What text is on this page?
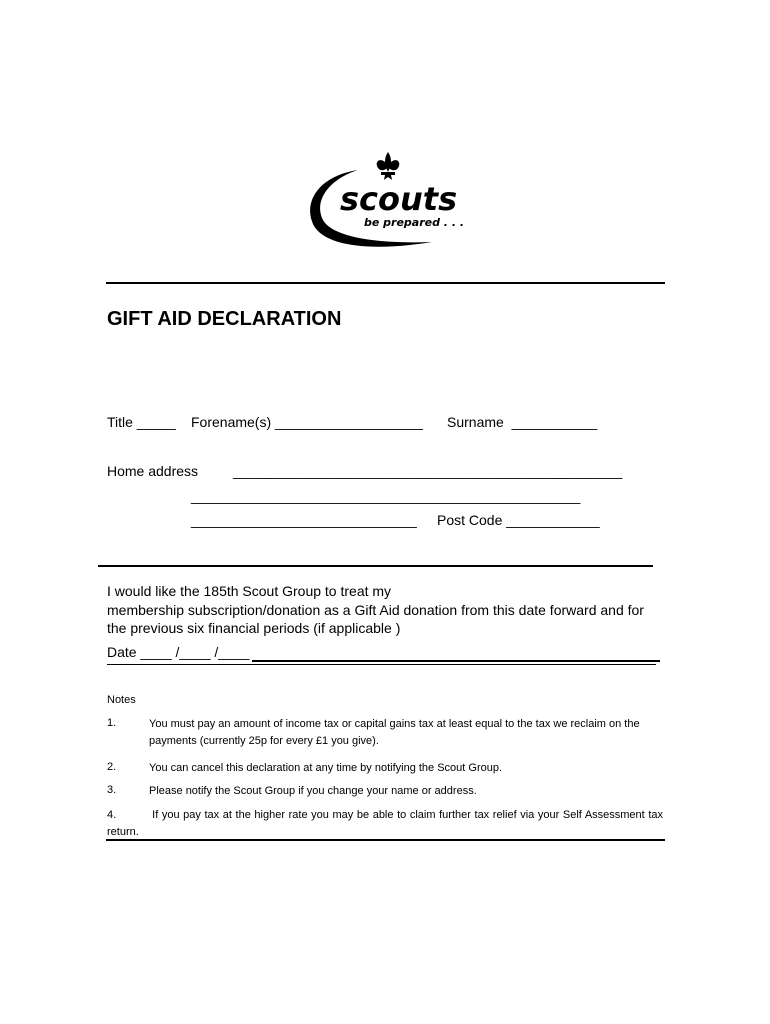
scouts
be prepared . . .
GIFT AID DECLARATION
Title _____ Forename(s) ___________________ Surname  ___________
Home address __________________________________________________
__________________________________________________
_____________________________ Post Code ____________
I would like the 185th Scout Group to treat my
membership subscription/donation as a Gift Aid donation from this date forward and for
the previous six financial periods (if applicable )
Date ____ /____ /____
Notes
1.	You must pay an amount of income tax or capital gains tax at least equal to the tax we reclaim on the payments (currently 25p for every £1 you give).
2.	You can cancel this declaration at any time by notifying the Scout Group.
3.	Please notify the Scout Group if you change your name or address.
4.          If you pay tax at the higher rate you may be able to claim further tax relief via your Self Assessment tax return.
